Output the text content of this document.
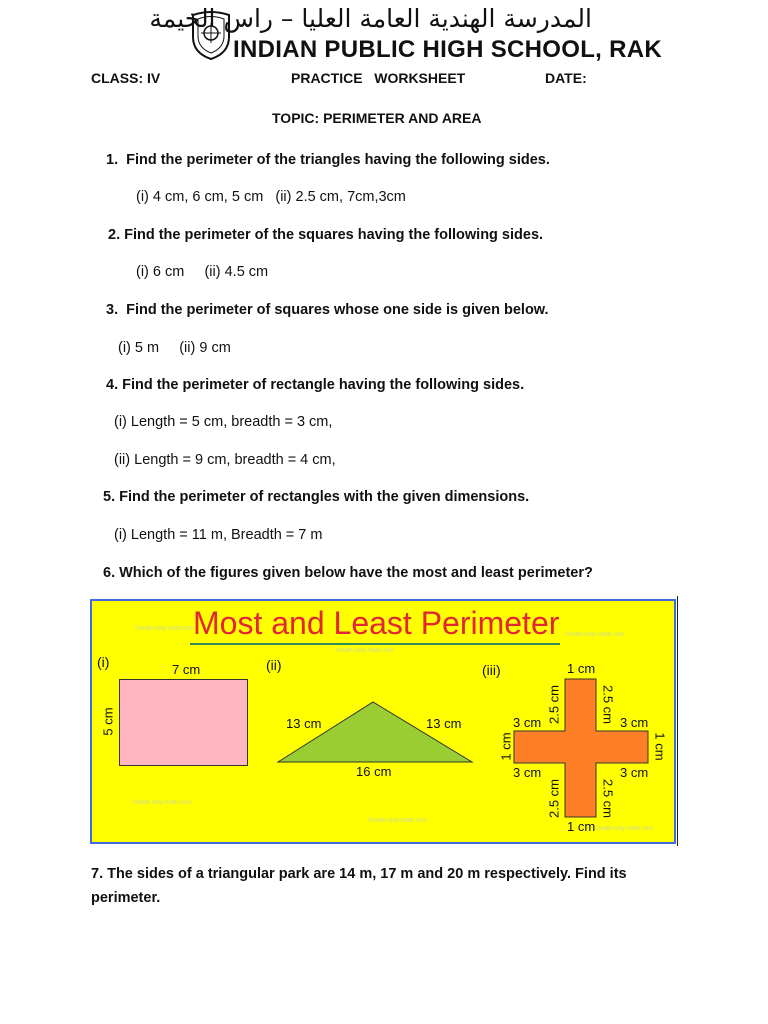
المدرسة الهندية العامة العليا – راس الخيمة
INDIAN PUBLIC HIGH SCHOOL, RAK
CLASS: IV	PRACTICE   WORKSHEET	DATE:
TOPIC: PERIMETER AND AREA
1. Find the perimeter of the triangles having the following sides.
(i) 4 cm, 6 cm, 5 cm   (ii) 2.5 cm, 7cm,3cm
2. Find the perimeter of the squares having the following sides.
(i) 6 cm     (ii) 4.5 cm
3. Find the perimeter of squares whose one side is given below.
(i) 5 m     (ii) 9 cm
4. Find the perimeter of rectangle having the following sides.
(i) Length = 5 cm, breadth = 3 cm,
(ii) Length = 9 cm, breadth = 4 cm,
5. Find the perimeter of rectangles with the given dimensions.
(i) Length = 11 m, Breadth = 7 m
6. Which of the figures given below have the most and least perimeter?
Most and Least Perimeter
©math-only-math.com
©math-only-math.com
©math-only-math.com
©math-only-math.com
©math-only-math.com
©math-only-math.com
(i)	7 cm
5 cm
(ii)
13 cm	13 cm
16 cm
(iii)	1 cm
1 cm
1 cm	1 cm
2.5 cm	2.5 cm
2.5 cm	2.5 cm
3 cm	3 cm
3 cm	3 cm
7. The sides of a triangular park are 14 m, 17 m and 20 m respectively. Find its
perimeter.
